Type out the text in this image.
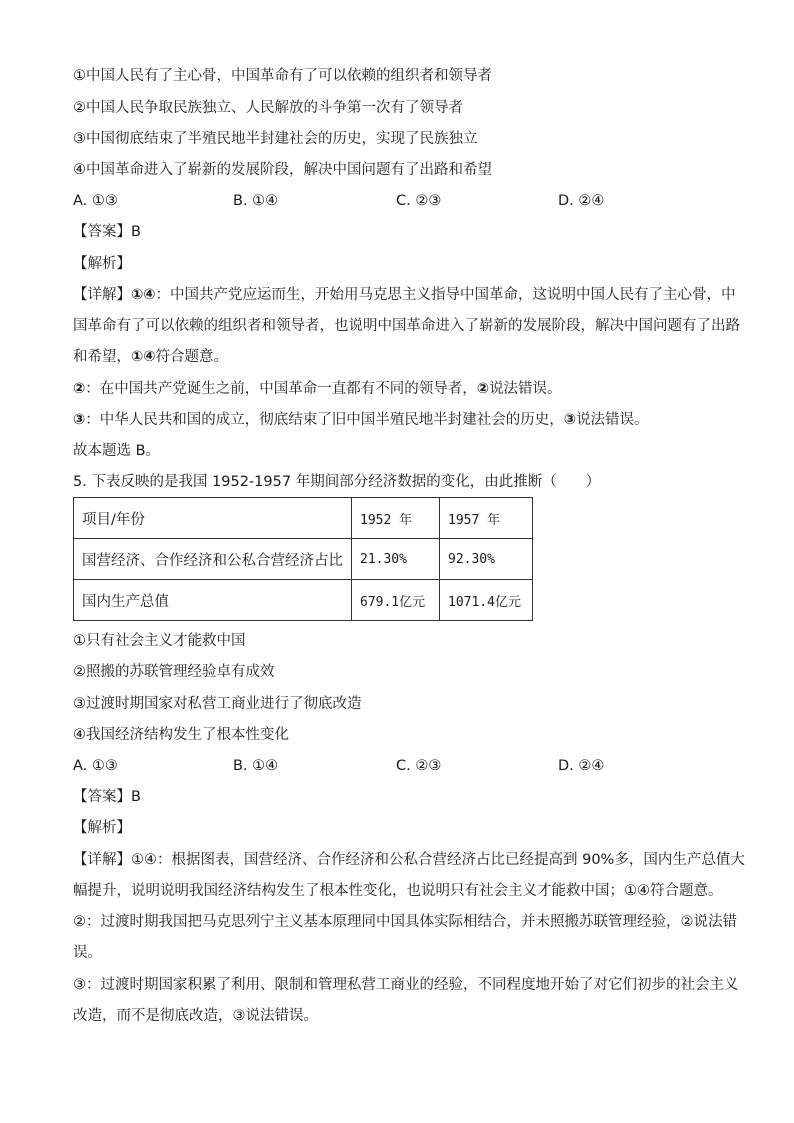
①中国人民有了主心骨，中国革命有了可以依赖的组织者和领导者
②中国人民争取民族独立、人民解放的斗争第一次有了领导者
③中国彻底结束了半殖民地半封建社会的历史，实现了民族独立
④中国革命进入了崭新的发展阶段，解决中国问题有了出路和希望
A. ①③	B. ①④	C. ②③	D. ②④
【答案】B
【解析】
【详解】①④：中国共产党应运而生，开始用马克思主义指导中国革命，这说明中国人民有了主心骨，中
国革命有了可以依赖的组织者和领导者，也说明中国革命进入了崭新的发展阶段，解决中国问题有了出路
和希望，①④符合题意。
②：在中国共产党诞生之前，中国革命一直都有不同的领导者，②说法错误。
③：中华人民共和国的成立，彻底结束了旧中国半殖民地半封建社会的历史，③说法错误。
故本题选 B。
5. 下表反映的是我国 1952-1957 年期间部分经济数据的变化，由此推断（　　）
项目/年份	1952 年	1957 年
国营经济、合作经济和公私合营经济占比	21.30%	92.30%
国内生产总值	679.1亿元	1071.4亿元
①只有社会主义才能救中国
②照搬的苏联管理经验卓有成效
③过渡时期国家对私营工商业进行了彻底改造
④我国经济结构发生了根本性变化
A. ①③	B. ①④	C. ②③	D. ②④
【答案】B
【解析】
【详解】①④：根据图表，国营经济、合作经济和公私合营经济占比已经提高到 90%多，国内生产总值大
幅提升，说明说明我国经济结构发生了根本性变化，也说明只有社会主义才能救中国；①④符合题意。
②：过渡时期我国把马克思列宁主义基本原理同中国具体实际相结合，并未照搬苏联管理经验，②说法错
误。
③：过渡时期国家积累了利用、限制和管理私营工商业的经验，不同程度地开始了对它们初步的社会主义
改造，而不是彻底改造，③说法错误。
